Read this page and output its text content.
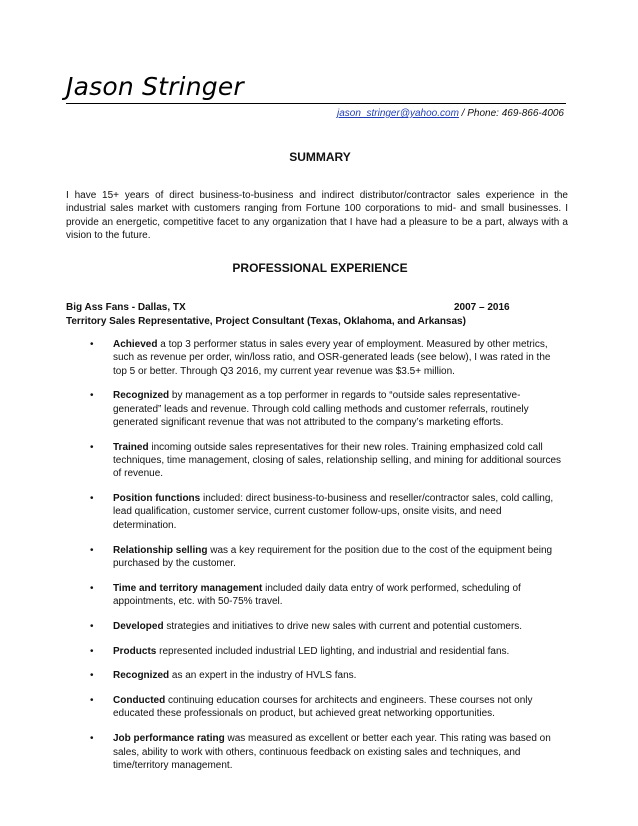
Jason Stringer
jason_stringer@yahoo.com / Phone: 469-866-4006
SUMMARY
I have 15+ years of direct business-to-business and indirect distributor/contractor sales experience in the industrial sales market with customers ranging from Fortune 100 corporations to mid- and small businesses. I provide an energetic, competitive facet to any organization that I have had a pleasure to be a part, always with a vision to the future.
PROFESSIONAL EXPERIENCE
Big Ass Fans - Dallas, TX	2007 – 2016
Territory Sales Representative, Project Consultant (Texas, Oklahoma, and Arkansas)
• Achieved a top 3 performer status in sales every year of employment. Measured by other metrics, such as revenue per order, win/loss ratio, and OSR-generated leads (see below), I was rated in the top 5 or better. Through Q3 2016, my current year revenue was $3.5+ million.
• Recognized by management as a top performer in regards to “outside sales representative-generated” leads and revenue. Through cold calling methods and customer referrals, routinely generated significant revenue that was not attributed to the company’s marketing efforts.
• Trained incoming outside sales representatives for their new roles. Training emphasized cold call techniques, time management, closing of sales, relationship selling, and mining for additional sources of revenue.
• Position functions included: direct business-to-business and reseller/contractor sales, cold calling, lead qualification, customer service, current customer follow-ups, onsite visits, and need determination.
• Relationship selling was a key requirement for the position due to the cost of the equipment being purchased by the customer.
• Time and territory management included daily data entry of work performed, scheduling of appointments, etc. with 50-75% travel.
• Developed strategies and initiatives to drive new sales with current and potential customers.
• Products represented included industrial LED lighting, and industrial and residential fans.
• Recognized as an expert in the industry of HVLS fans.
• Conducted continuing education courses for architects and engineers. These courses not only educated these professionals on product, but achieved great networking opportunities.
• Job performance rating was measured as excellent or better each year. This rating was based on sales, ability to work with others, continuous feedback on existing sales and techniques, and time/territory management.
